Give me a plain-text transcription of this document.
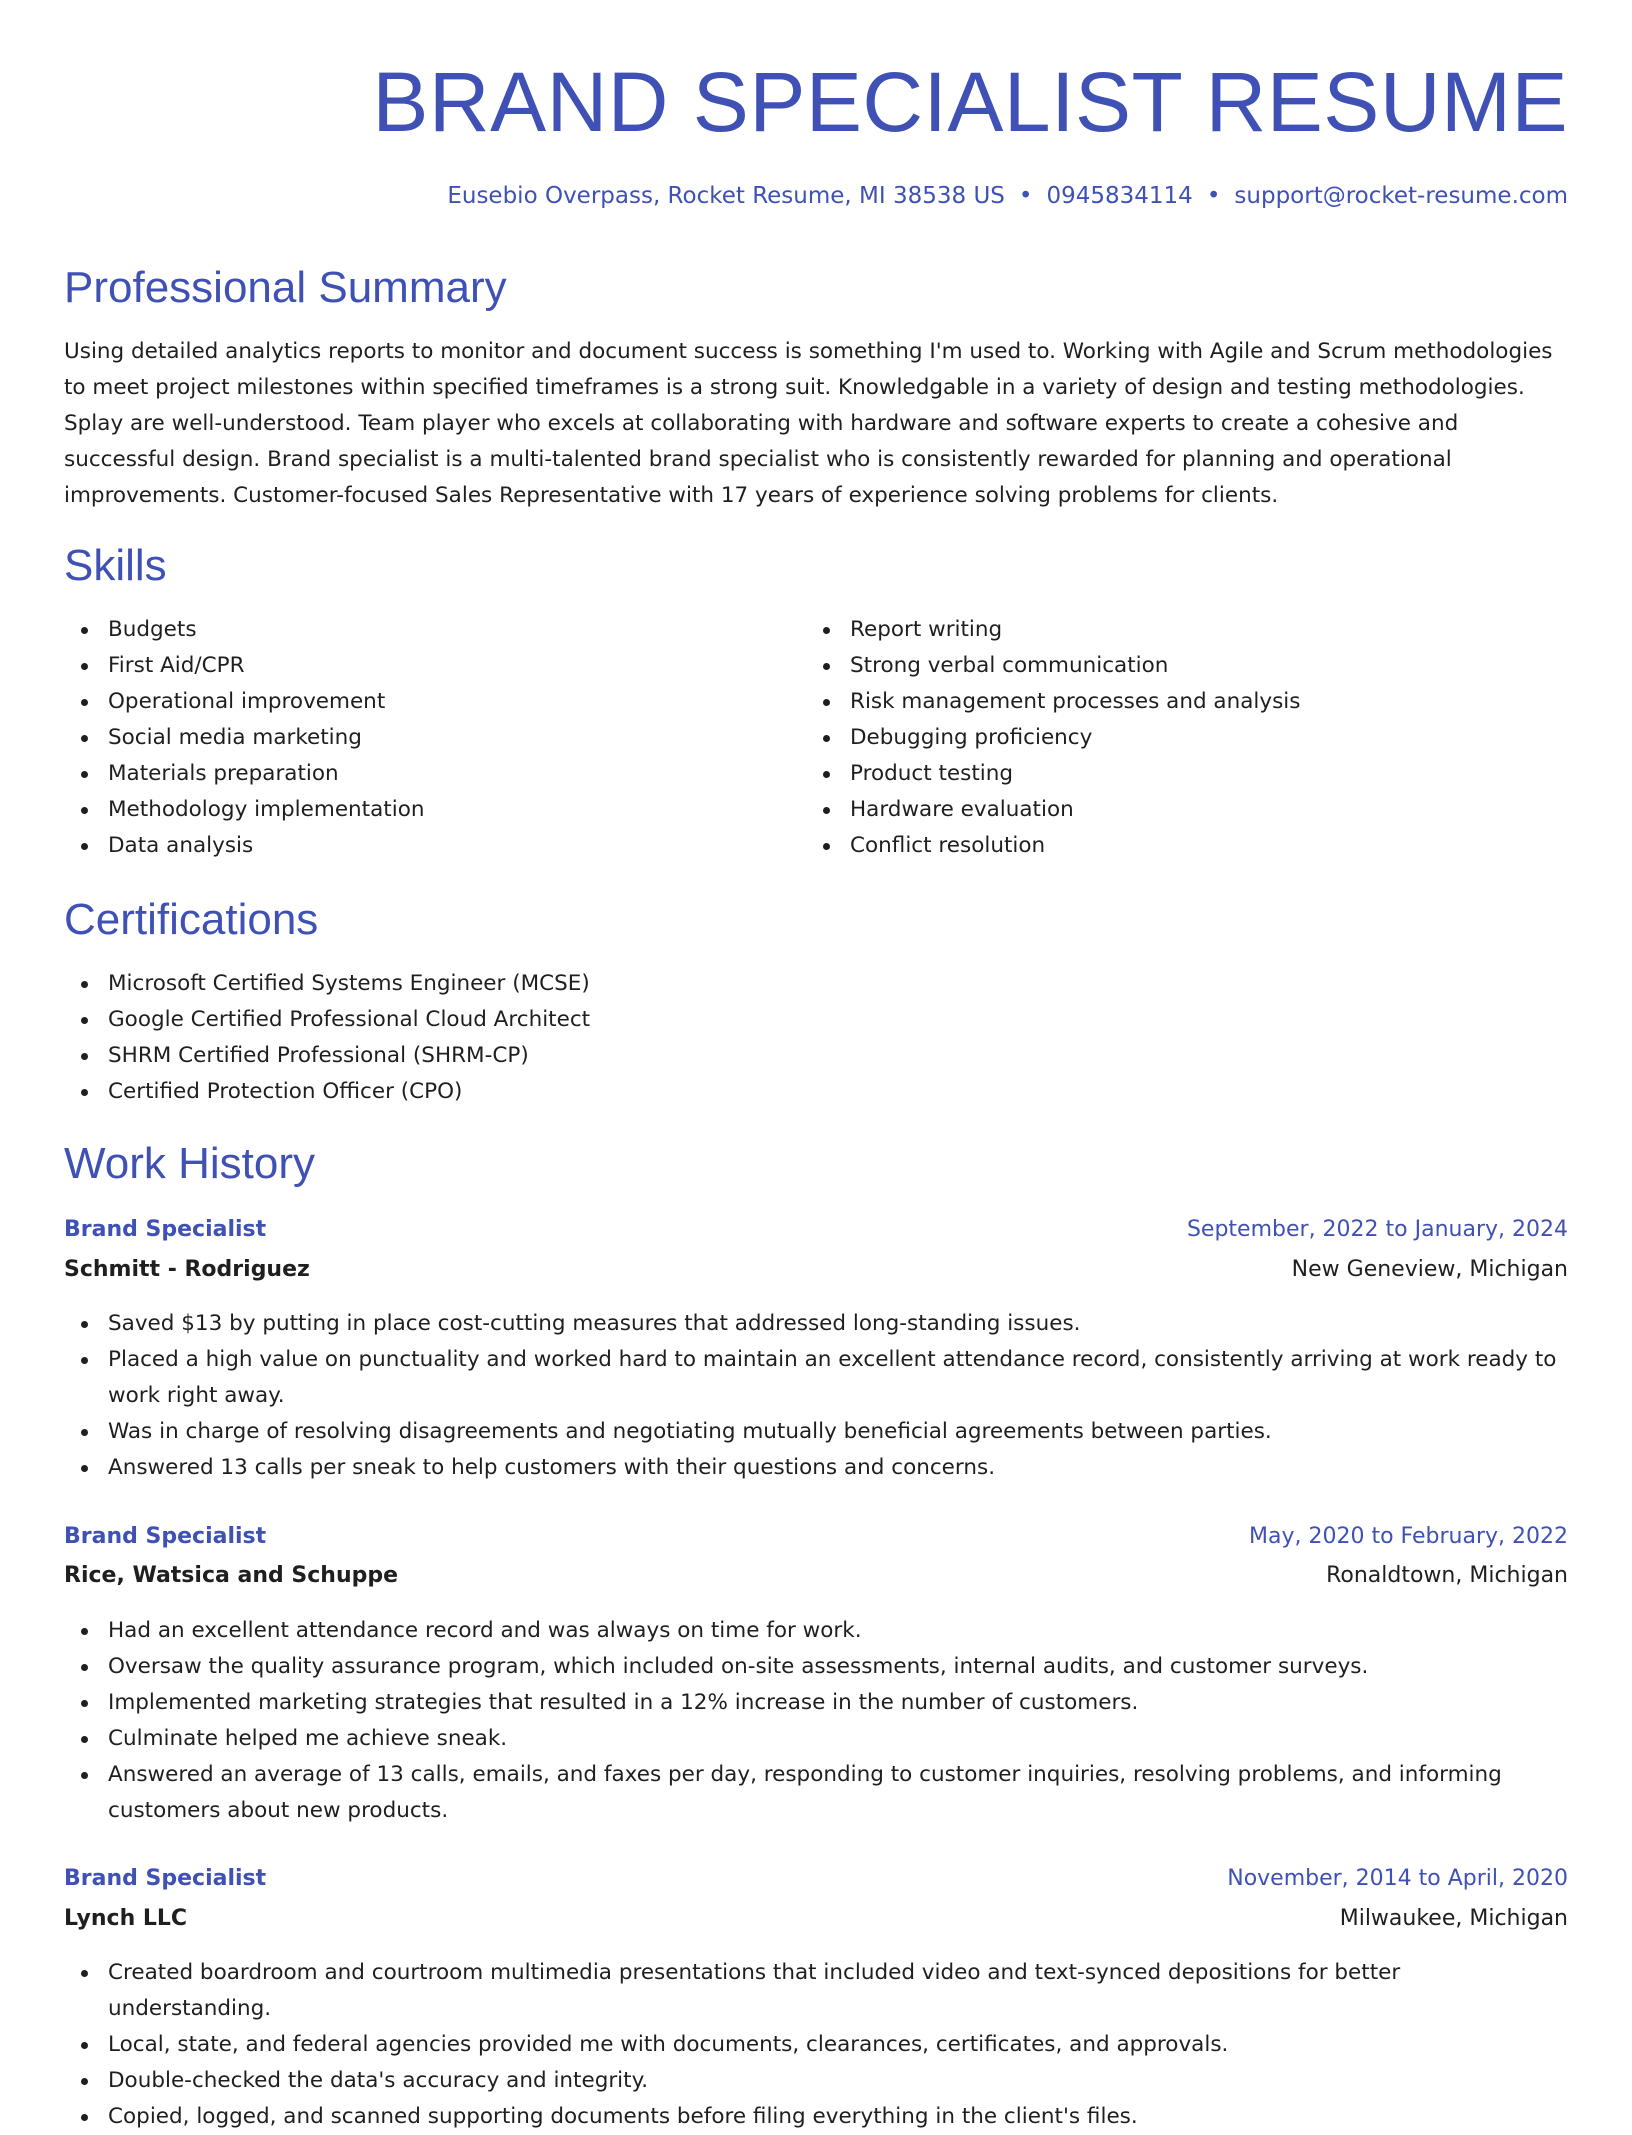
BRAND SPECIALIST RESUME
Eusebio Overpass, Rocket Resume, MI 38538 US • 0945834114 • support@rocket-resume.com
Professional Summary

Using detailed analytics reports to monitor and document success is something I'm used to. Working with Agile and Scrum methodologies to meet project milestones within specified timeframes is a strong suit. Knowledgable in a variety of design and testing methodologies. Splay are well-understood. Team player who excels at collaborating with hardware and software experts to create a cohesive and successful design. Brand specialist is a multi-talented brand specialist who is consistently rewarded for planning and operational improvements. Customer-focused Sales Representative with 17 years of experience solving problems for clients.

Skills
Budgets
First Aid/CPR
Operational improvement
Social media marketing
Materials preparation
Methodology implementation
Data analysis
Report writing
Strong verbal communication
Risk management processes and analysis
Debugging proficiency
Product testing
Hardware evaluation
Conflict resolution
Certifications
Microsoft Certified Systems Engineer (MCSE)
Google Certified Professional Cloud Architect
SHRM Certified Professional (SHRM-CP)
Certified Protection Officer (CPO)
Work History
Brand Specialist	September, 2022 to January, 2024
Schmitt - Rodriguez	New Geneview, Michigan
Saved $13 by putting in place cost-cutting measures that addressed long-standing issues.
Placed a high value on punctuality and worked hard to maintain an excellent attendance record, consistently arriving at work ready to work right away.
Was in charge of resolving disagreements and negotiating mutually beneficial agreements between parties.
Answered 13 calls per sneak to help customers with their questions and concerns.
Brand Specialist	May, 2020 to February, 2022
Rice, Watsica and Schuppe	Ronaldtown, Michigan
Had an excellent attendance record and was always on time for work.
Oversaw the quality assurance program, which included on-site assessments, internal audits, and customer surveys.
Implemented marketing strategies that resulted in a 12% increase in the number of customers.
Culminate helped me achieve sneak.
Answered an average of 13 calls, emails, and faxes per day, responding to customer inquiries, resolving problems, and informing customers about new products.
Brand Specialist	November, 2014 to April, 2020
Lynch LLC	Milwaukee, Michigan
Created boardroom and courtroom multimedia presentations that included video and text-synced depositions for better understanding.
Local, state, and federal agencies provided me with documents, clearances, certificates, and approvals.
Double-checked the data's accuracy and integrity.
Copied, logged, and scanned supporting documents before filing everything in the client's files.
